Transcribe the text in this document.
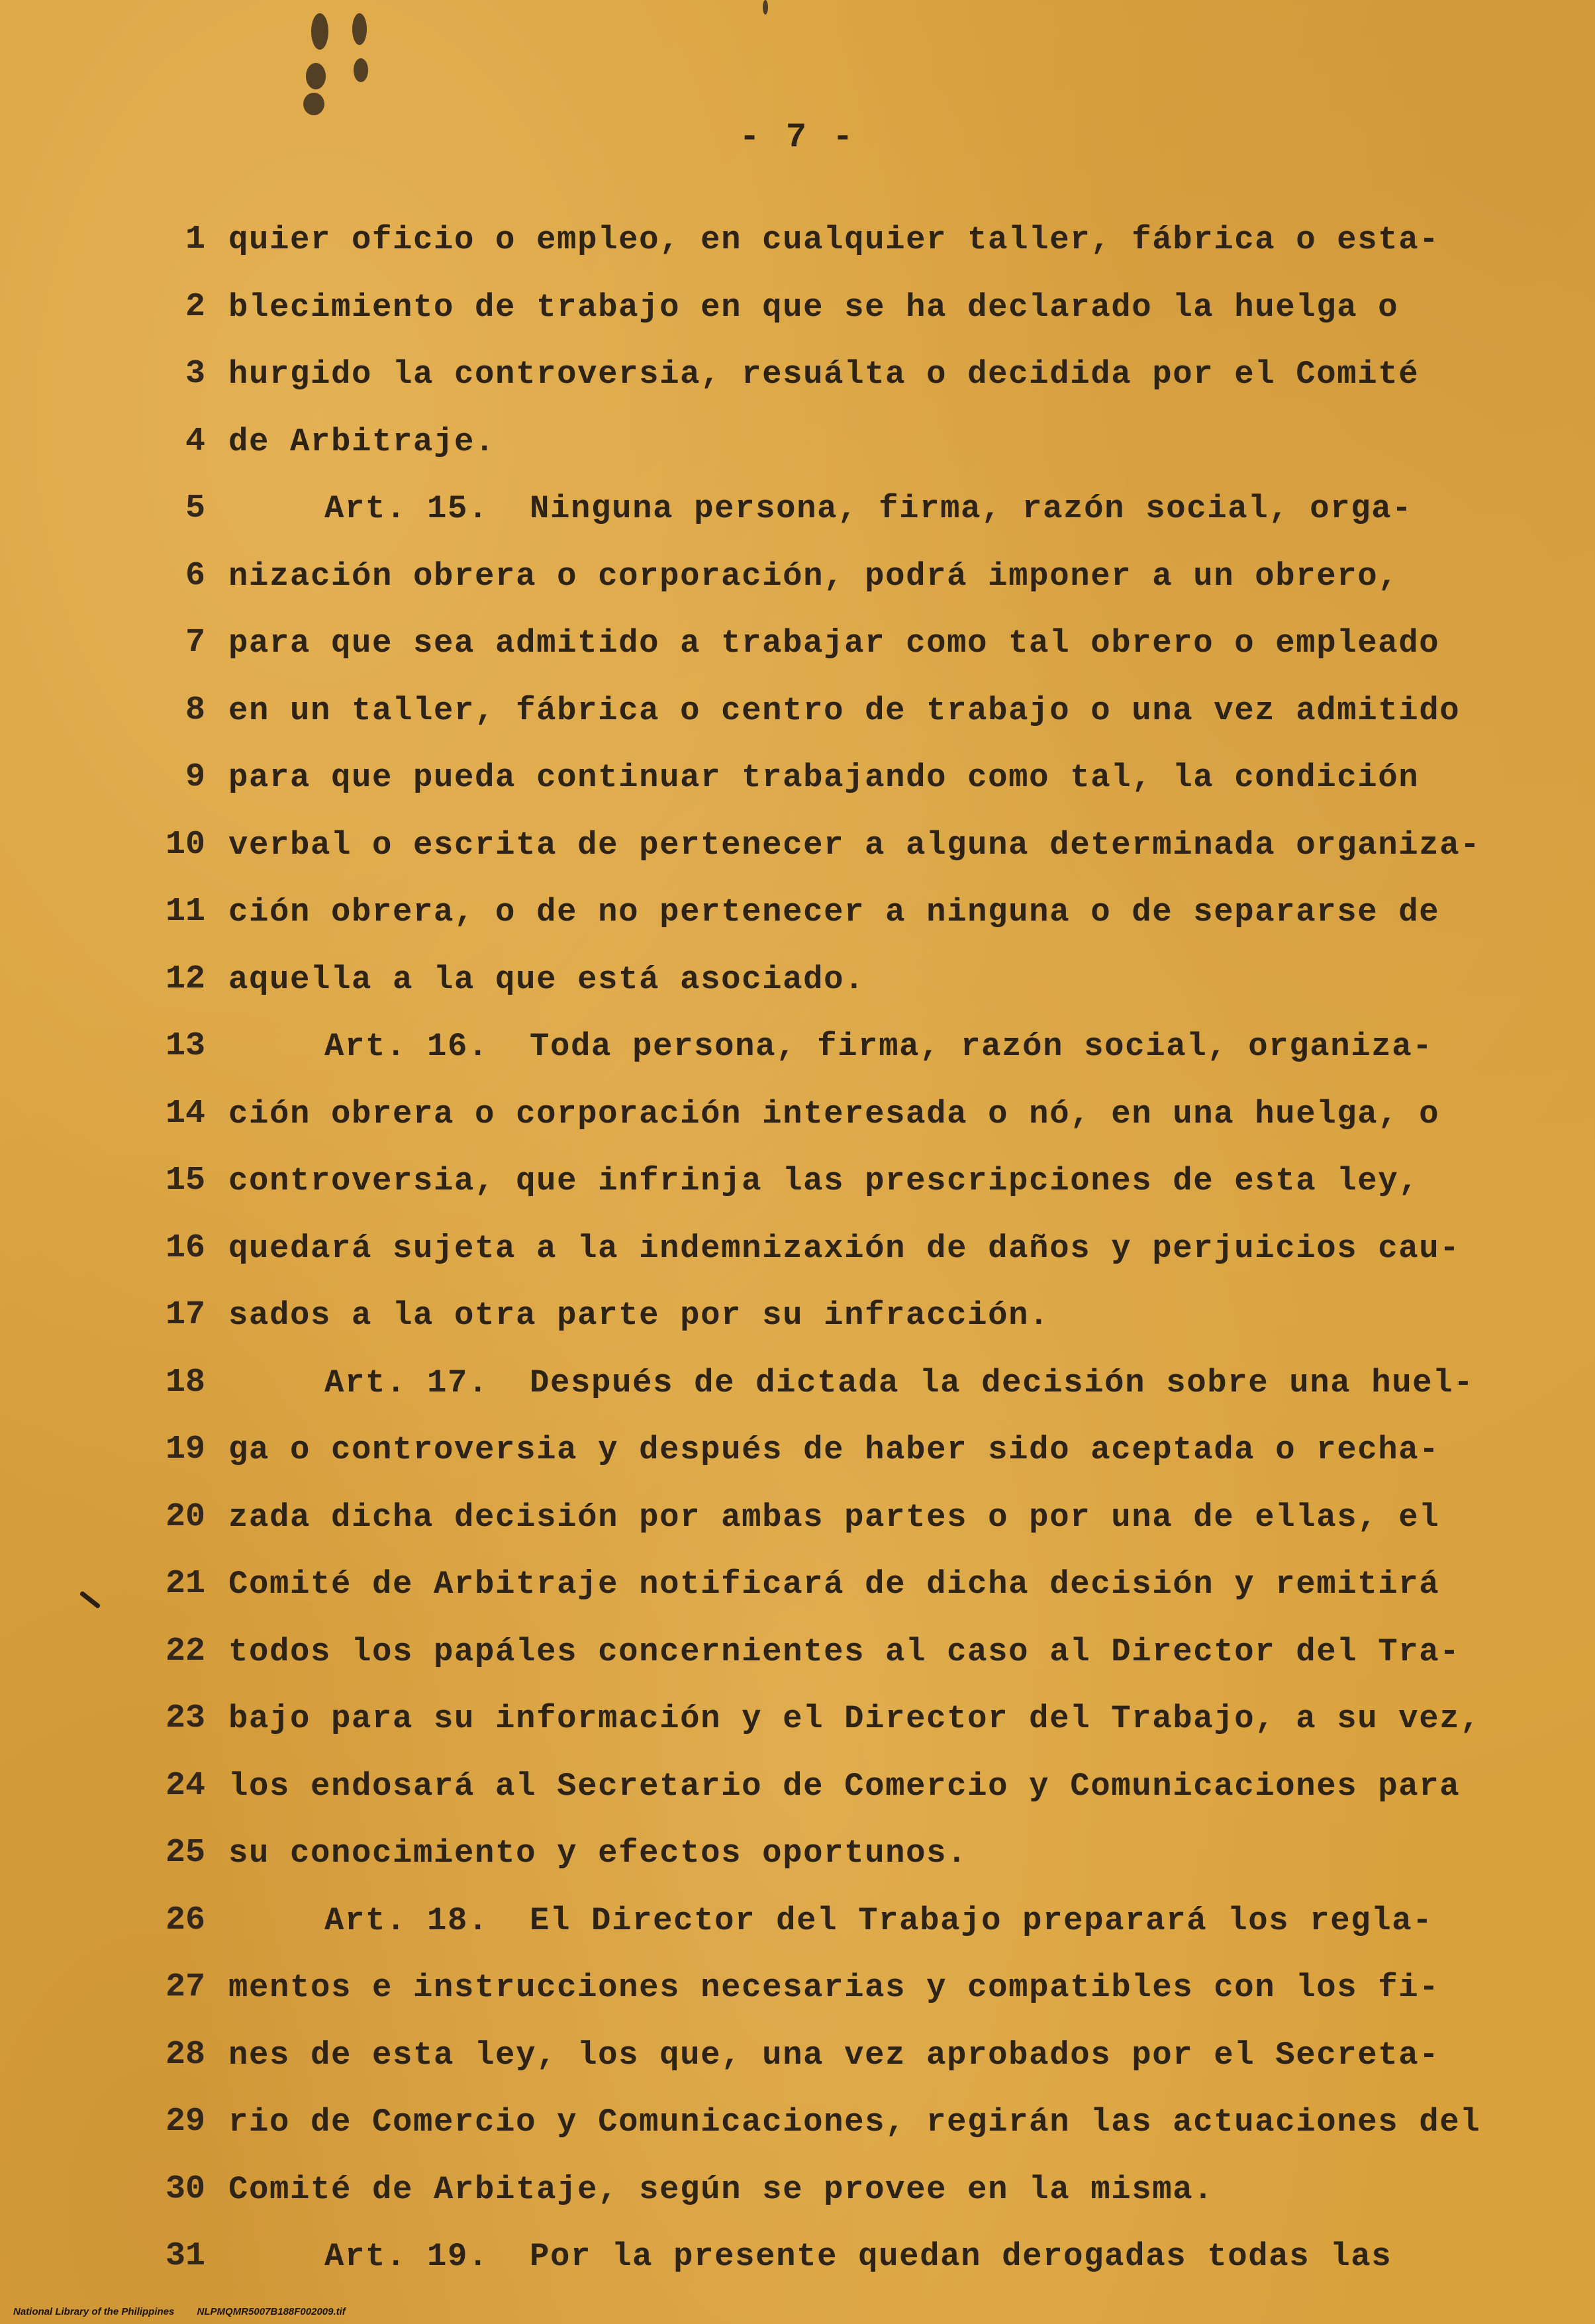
- 7 -
1 quier oficio o empleo, en cualquier taller, fábrica o esta-
2 blecimiento de trabajo en que se ha declarado la huelga o
3 hurgido la controversia, resuálta o decidida por el Comité
4 de Arbitraje.
5	Art. 15.  Ninguna persona, firma, razón social, orga-
6 nización obrera o corporación, podrá imponer a un obrero,
7 para que sea admitido a trabajar como tal obrero o empleado
8 en un taller, fábrica o centro de trabajo o una vez admitido
9 para que pueda continuar trabajando como tal, la condición
10 verbal o escrita de pertenecer a alguna determinada organiza-
11 ción obrera, o de no pertenecer a ninguna o de separarse de
12 aquella a la que está asociado.
13	Art. 16.  Toda persona, firma, razón social, organiza-
14 ción obrera o corporación interesada o nó, en una huelga, o
15 controversia, que infrinja las prescripciones de esta ley,
16 quedará sujeta a la indemnizaxión de daños y perjuicios cau-
17 sados a la otra parte por su infracción.
18	Art. 17.  Después de dictada la decisión sobre una huel-
19 ga o controversia y después de haber sido aceptada o recha-
20 zada dicha decisión por ambas partes o por una de ellas, el
21 Comité de Arbitraje notificará de dicha decisión y remitirá
22 todos los papáles concernientes al caso al Director del Tra-
23 bajo para su información y el Director del Trabajo, a su vez,
24 los endosará al Secretario de Comercio y Comunicaciones para
25 su conocimiento y efectos oportunos.
26	Art. 18.  El Director del Trabajo preparará los regla-
27 mentos e instrucciones necesarias y compatibles con los fi-
28 nes de esta ley, los que, una vez aprobados por el Secreta-
29 rio de Comercio y Comunicaciones, regirán las actuaciones del
30 Comité de Arbitaje, según se provee en la misma.
31	Art. 19.  Por la presente quedan derogadas todas las
National Library of the Philippines NLPMQMR5007B188F002009.tif
